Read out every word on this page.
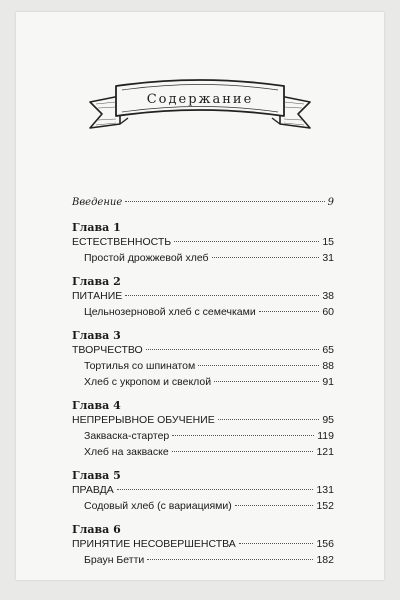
Содержание
Введение	9
Глава 1
ЕСТЕСТВЕННОСТЬ	15
Простой дрожжевой хлеб	31
Глава 2
ПИТАНИЕ	38
Цельнозерновой хлеб с семечками	60
Глава 3
ТВОРЧЕСТВО	65
Тортилья со шпинатом	88
Хлеб с укропом и свеклой	91
Глава 4
НЕПРЕРЫВНОЕ ОБУЧЕНИЕ	95
Закваска-стартер	119
Хлеб на закваске	121
Глава 5
ПРАВДА	131
Содовый хлеб (с вариациями)	152
Глава 6
ПРИНЯТИЕ НЕСОВЕРШЕНСТВА	156
Браун Бетти	182
